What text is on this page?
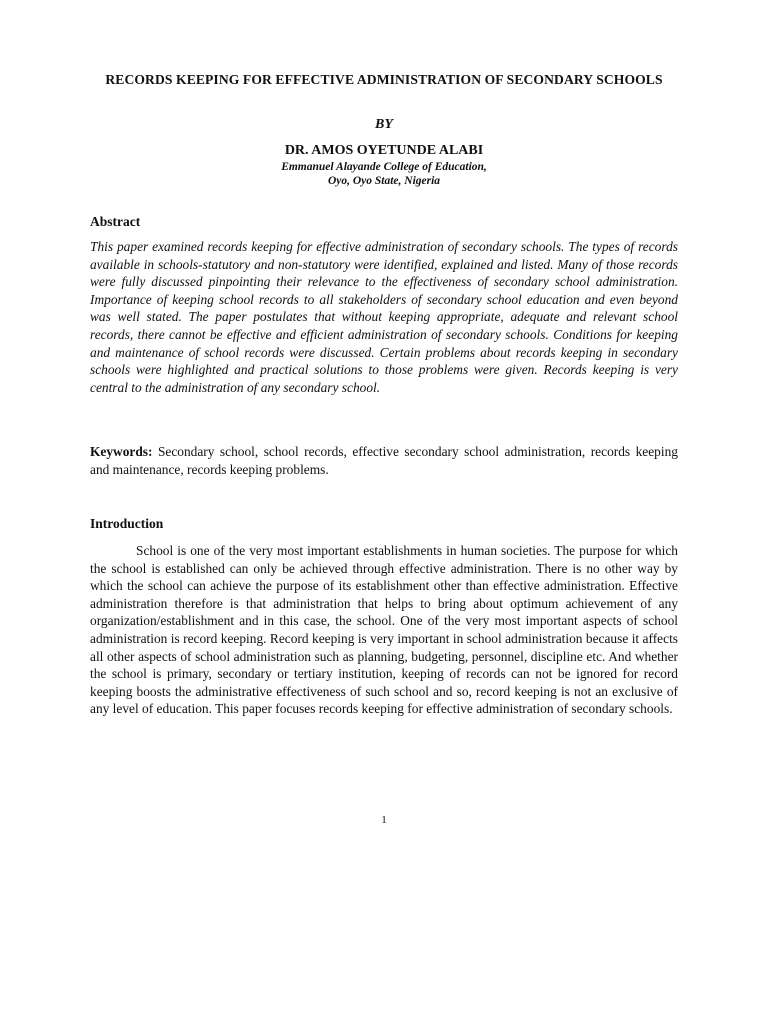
RECORDS KEEPING FOR EFFECTIVE ADMINISTRATION OF SECONDARY SCHOOLS
BY
DR. AMOS OYETUNDE ALABI
Emmanuel Alayande College of Education,
Oyo, Oyo State, Nigeria
Abstract
This paper examined records keeping for effective administration of secondary schools. The types of records available in schools-statutory and non-statutory were identified, explained and listed. Many of those records were fully discussed pinpointing their relevance to the effectiveness of secondary school administration. Importance of keeping school records to all stakeholders of secondary school education and even beyond was well stated. The paper postulates that without keeping appropriate, adequate and relevant school records, there cannot be effective and efficient administration of secondary schools. Conditions for keeping and maintenance of school records were discussed. Certain problems about records keeping in secondary schools were highlighted and practical solutions to those problems were given. Records keeping is very central to the administration of any secondary school.
Keywords: Secondary school, school records, effective secondary school administration, records keeping and maintenance, records keeping problems.
Introduction
School is one of the very most important establishments in human societies. The purpose for which the school is established can only be achieved through effective administration. There is no other way by which the school can achieve the purpose of its establishment other than effective administration. Effective administration therefore is that administration that helps to bring about optimum achievement of any organization/establishment and in this case, the school. One of the very most important aspects of school administration is record keeping. Record keeping is very important in school administration because it affects all other aspects of school administration such as planning, budgeting, personnel, discipline etc. And whether the school is primary, secondary or tertiary institution, keeping of records can not be ignored for record keeping boosts the administrative effectiveness of such school and so, record keeping is not an exclusive of any level of education. This paper focuses records keeping for effective administration of secondary schools.
1
